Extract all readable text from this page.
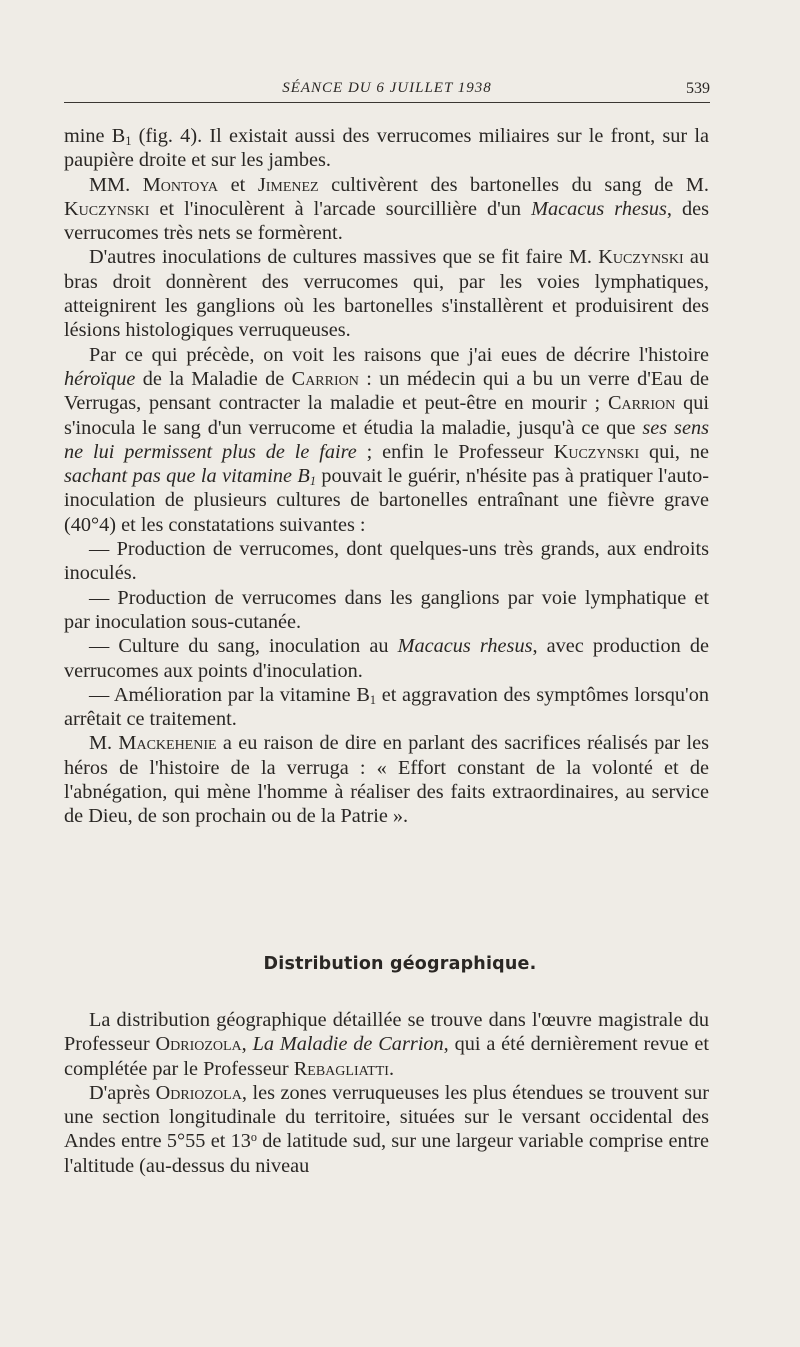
SÉANCE DU 6 JUILLET 1938	539

mine $B_1$ (fig. 4). Il existait aussi des verrucomes miliaires sur le front, sur la paupière droite et sur les jambes.

MM. Montoya et Jimenez cultivèrent des bartonelles du sang de M. Kuczynski et l'inoculèrent à l'arcade sourcillière d'un Macacus rhesus, des verrucomes très nets se formèrent.

D'autres inoculations de cultures massives que se fit faire M. Kuczynski au bras droit donnèrent des verrucomes qui, par les voies lymphatiques, atteignirent les ganglions où les bartonelles s'installèrent et produisirent des lésions histologiques verruqueuses.

Par ce qui précède, on voit les raisons que j'ai eues de décrire l'histoire héroïque de la Maladie de Carrion : un médecin qui a bu un verre d'Eau de Verrugas, pensant contracter la maladie et peut-être en mourir ; Carrion qui s'inocula le sang d'un verrucome et étudia la maladie, jusqu'à ce que ses sens ne lui permissent plus de le faire ; enfin le Professeur Kuczynski qui, ne sachant pas que la vitamine $B_1$ pouvait le guérir, n'hésite pas à pratiquer l'auto-inoculation de plusieurs cultures de bartonelles entraînant une fièvre grave (40°4) et les constatations suivantes :

— Production de verrucomes, dont quelques-uns très grands, aux endroits inoculés.

— Production de verrucomes dans les ganglions par voie lymphatique et par inoculation sous-cutanée.

— Culture du sang, inoculation au Macacus rhesus, avec production de verrucomes aux points d'inoculation.

— Amélioration par la vitamine $B_1$ et aggravation des symptômes lorsqu'on arrêtait ce traitement.

M. Mackehenie a eu raison de dire en parlant des sacrifices réalisés par les héros de l'histoire de la verruga : « Effort constant de la volonté et de l'abnégation, qui mène l'homme à réaliser des faits extraordinaires, au service de Dieu, de son prochain ou de la Patrie ».

Distribution géographique.

La distribution géographique détaillée se trouve dans l'œuvre magistrale du Professeur Odriozola, La Maladie de Carrion, qui a été dernièrement revue et complétée par le Professeur Rebagliatti.

D'après Odriozola, les zones verruqueuses les plus étendues se trouvent sur une section longitudinale du territoire, situées sur le versant occidental des Andes entre 5°55 et 13$^o$ de latitude sud, sur une largeur variable comprise entre l'altitude (au-dessus du niveau
